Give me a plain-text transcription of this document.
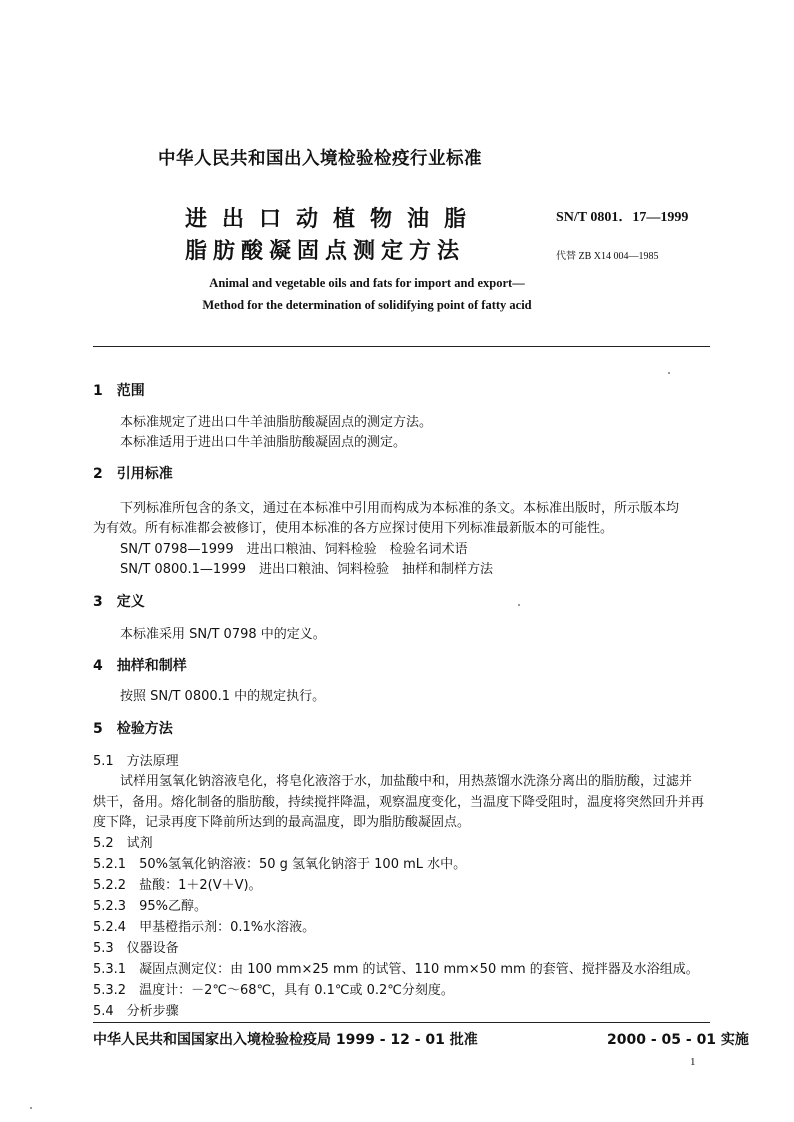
中华人民共和国出入境检验检疫行业标准
进出口动植物油脂
脂肪酸凝固点测定方法
SN/T 0801．17—1999
代替 ZB X14 004—1985
Animal and vegetable oils and fats for import and export—
Method for the determination of solidifying point of fatty acid
1　范围
本标准规定了进出口牛羊油脂肪酸凝固点的测定方法。
本标准适用于进出口牛羊油脂肪酸凝固点的测定。
2　引用标准
下列标准所包含的条文，通过在本标准中引用而构成为本标准的条文。本标准出版时，所示版本均
为有效。所有标准都会被修订，使用本标准的各方应探讨使用下列标准最新版本的可能性。
SN/T 0798—1999　进出口粮油、饲料检验　检验名词术语
SN/T 0800.1—1999　进出口粮油、饲料检验　抽样和制样方法
3　定义
本标准采用 SN/T 0798 中的定义。
4　抽样和制样
按照 SN/T 0800.1 中的规定执行。
5　检验方法
5.1　方法原理
试样用氢氧化钠溶液皂化，将皂化液溶于水，加盐酸中和，用热蒸馏水洗涤分离出的脂肪酸，过滤并
烘干，备用。熔化制备的脂肪酸，持续搅拌降温，观察温度变化，当温度下降受阻时，温度将突然回升并再
度下降，记录再度下降前所达到的最高温度，即为脂肪酸凝固点。
5.2　试剂
5.2.1　50%氢氧化钠溶液：50 g 氢氧化钠溶于 100 mL 水中。
5.2.2　盐酸：1＋2(V＋V)。
5.2.3　95%乙醇。
5.2.4　甲基橙指示剂：0.1%水溶液。
5.3　仪器设备
5.3.1　凝固点测定仪：由 100 mm×25 mm 的试管、110 mm×50 mm 的套管、搅拌器及水浴组成。
5.3.2　温度计：－2℃～68℃，具有 0.1℃或 0.2℃分刻度。
5.4　分析步骤
中华人民共和国国家出入境检验检疫局 1999 - 12 - 01 批准	2000 - 05 - 01 实施
1
